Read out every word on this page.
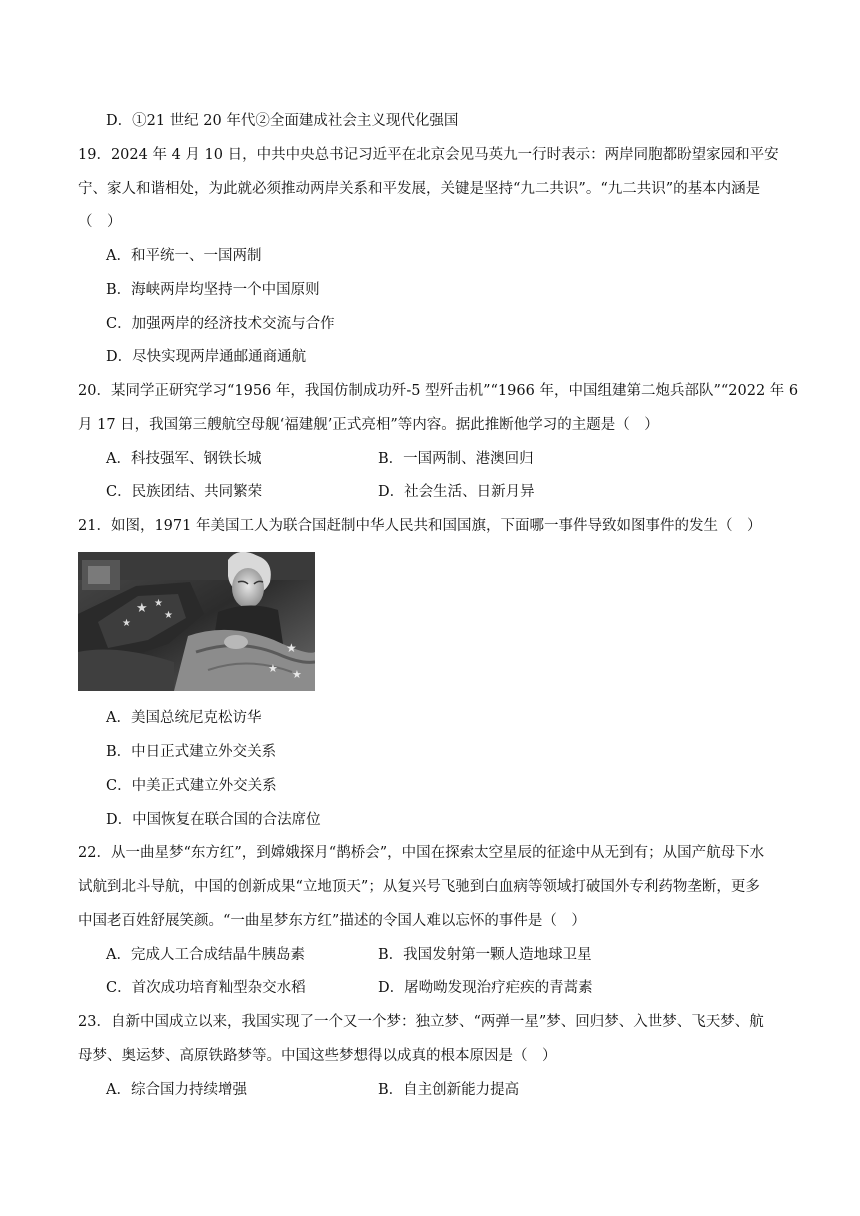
D．①21 世纪 20 年代②全面建成社会主义现代化强国
19．2024 年 4 月 10 日，中共中央总书记习近平在北京会见马英九一行时表示：两岸同胞都盼望家园和平安
宁、家人和谐相处，为此就必须推动两岸关系和平发展，关键是坚持“九二共识”。“九二共识”的基本内涵是
（　）
A．和平统一、一国两制
B．海峡两岸均坚持一个中国原则
C．加强两岸的经济技术交流与合作
D．尽快实现两岸通邮通商通航
20．某同学正研究学习“1956 年，我国仿制成功歼-5 型歼击机”“1966 年，中国组建第二炮兵部队”“2022 年 6
月 17 日，我国第三艘航空母舰‘福建舰’正式亮相”等内容。据此推断他学习的主题是（　）
A．科技强军、钢铁长城	B．一国两制、港澳回归
C．民族团结、共同繁荣	D．社会生活、日新月异
21．如图，1971 年美国工人为联合国赶制中华人民共和国国旗，下面哪一事件导致如图事件的发生（　）
★ ★
★
★
★
★ ★
A．美国总统尼克松访华
B．中日正式建立外交关系
C．中美正式建立外交关系
D．中国恢复在联合国的合法席位
22．从一曲星梦“东方红”，到嫦娥探月“鹊桥会”，中国在探索太空星辰的征途中从无到有；从国产航母下水
试航到北斗导航，中国的创新成果“立地顶天”；从复兴号飞驰到白血病等领域打破国外专利药物垄断，更多
中国老百姓舒展笑颜。“一曲星梦东方红”描述的令国人难以忘怀的事件是（　）
A．完成人工合成结晶牛胰岛素	B．我国发射第一颗人造地球卫星
C．首次成功培育籼型杂交水稻	D．屠呦呦发现治疗疟疾的青蒿素
23．自新中国成立以来，我国实现了一个又一个梦：独立梦、“两弹一星”梦、回归梦、入世梦、飞天梦、航
母梦、奥运梦、高原铁路梦等。中国这些梦想得以成真的根本原因是（　）
A．综合国力持续增强	B．自主创新能力提高
